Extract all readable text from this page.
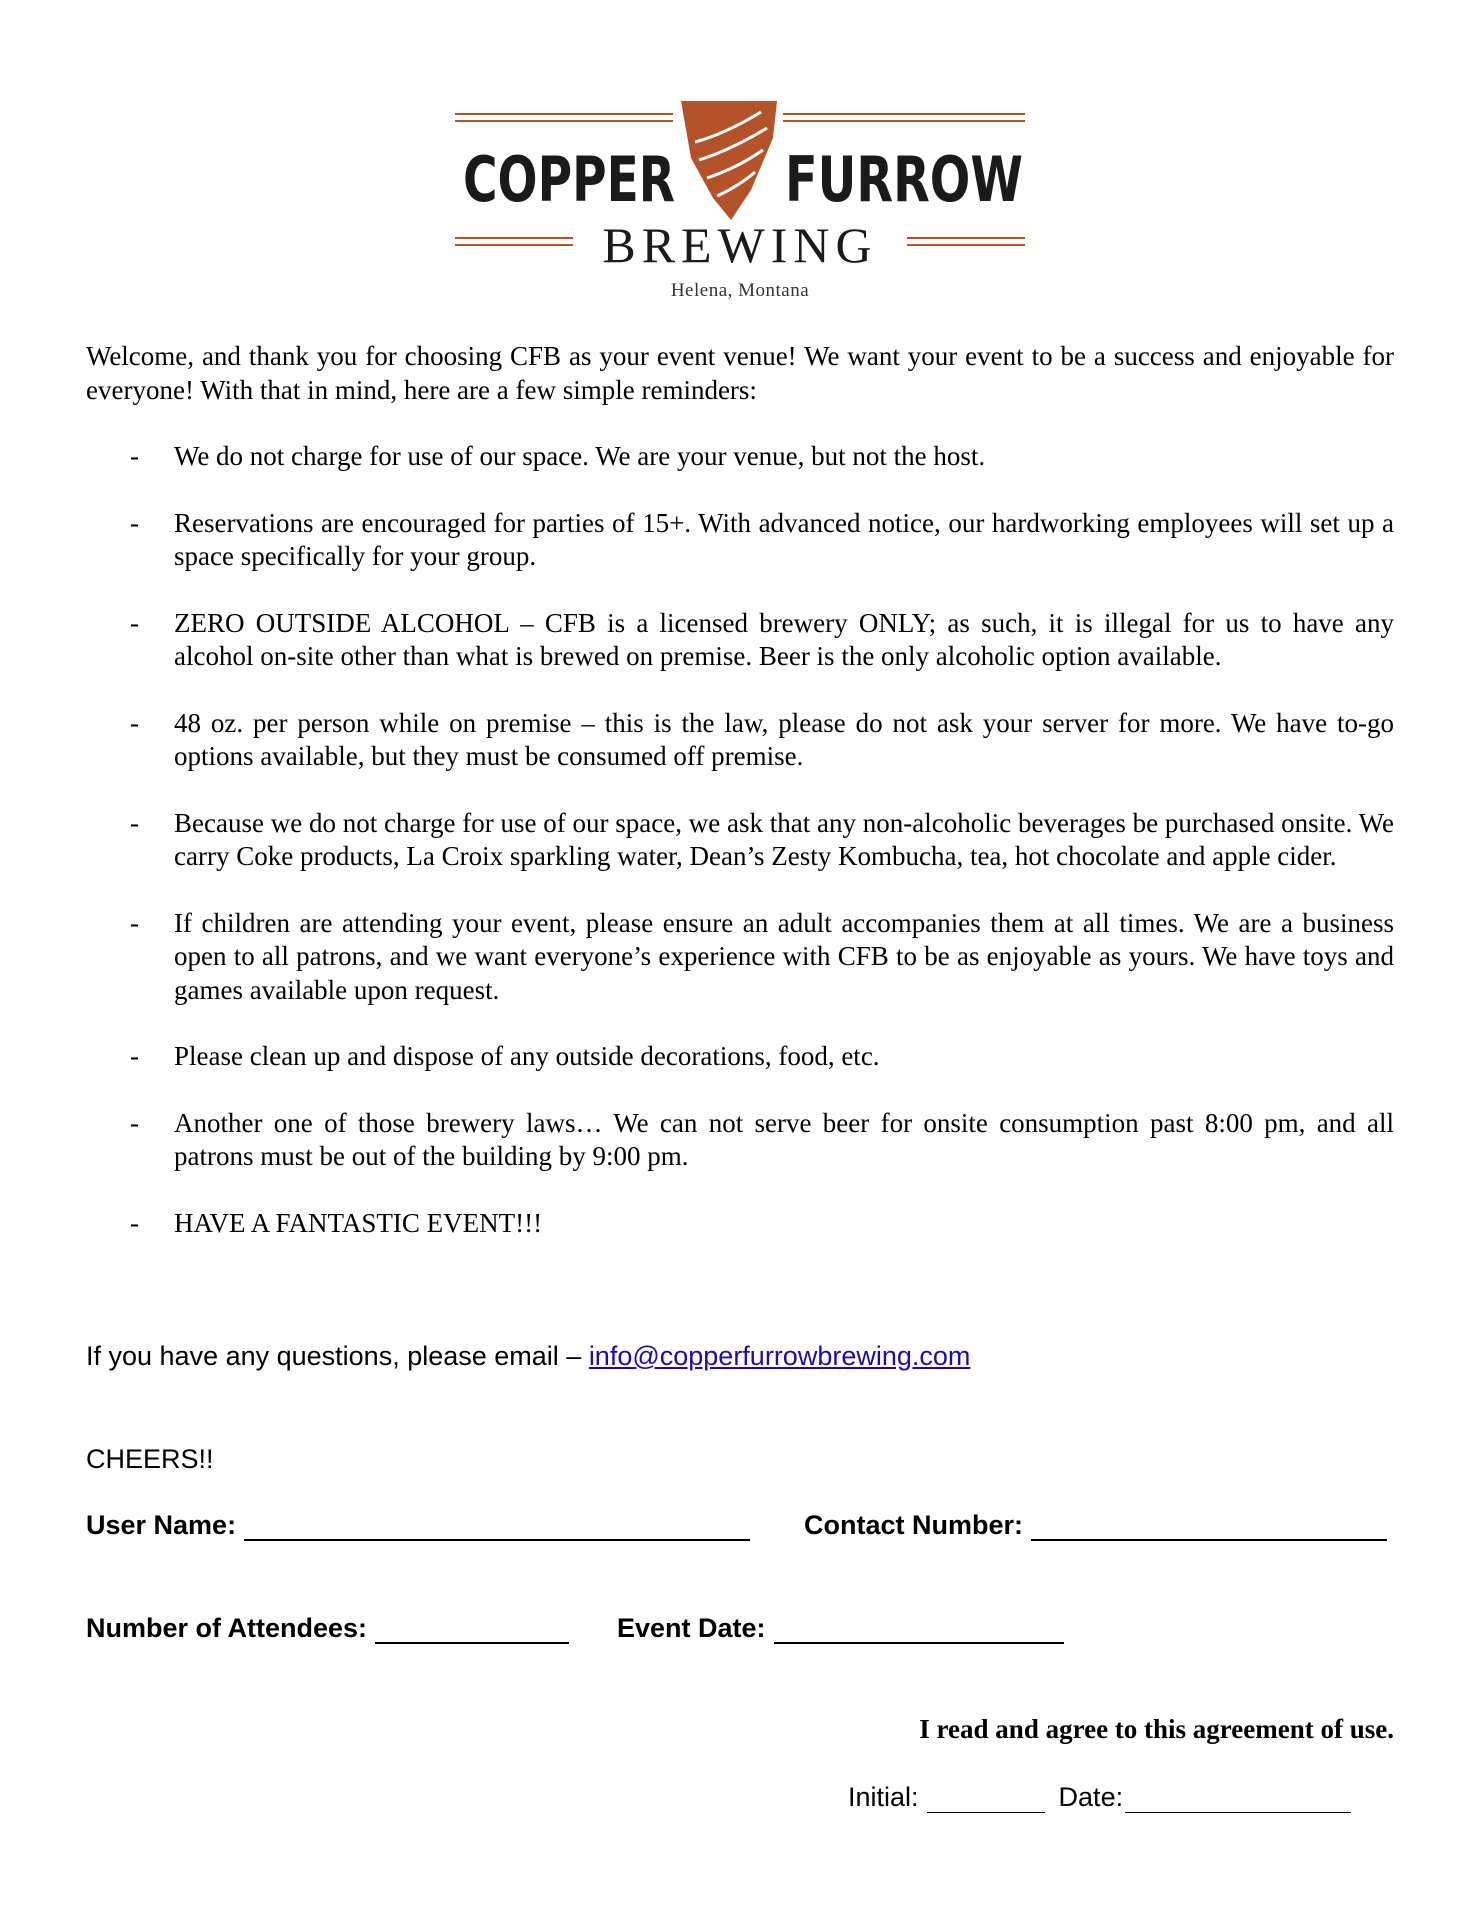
COPPER FURROW
BREWING
Helena, Montana
Welcome, and thank you for choosing CFB as your event venue! We want your event to be a success and enjoyable for everyone! With that in mind, here are a few simple reminders:
- We do not charge for use of our space. We are your venue, but not the host.
- Reservations are encouraged for parties of 15+. With advanced notice, our hardworking employees will set up a space specifically for your group.
- ZERO OUTSIDE ALCOHOL – CFB is a licensed brewery ONLY; as such, it is illegal for us to have any alcohol on-site other than what is brewed on premise. Beer is the only alcoholic option available.
- 48 oz. per person while on premise – this is the law, please do not ask your server for more. We have to-go options available, but they must be consumed off premise.
- Because we do not charge for use of our space, we ask that any non-alcoholic beverages be purchased onsite. We carry Coke products, La Croix sparkling water, Dean’s Zesty Kombucha, tea, hot chocolate and apple cider.
- If children are attending your event, please ensure an adult accompanies them at all times. We are a business open to all patrons, and we want everyone’s experience with CFB to be as enjoyable as yours. We have toys and games available upon request.
- Please clean up and dispose of any outside decorations, food, etc.
- Another one of those brewery laws… We can not serve beer for onsite consumption past 8:00 pm, and all patrons must be out of the building by 9:00 pm.
- HAVE A FANTASTIC EVENT!!!
If you have any questions, please email – info@copperfurrowbrewing.com
CHEERS!!
User Name:	Contact Number:
Number of Attendees:	Event Date:
I read and agree to this agreement of use.
Initial:	Date:
